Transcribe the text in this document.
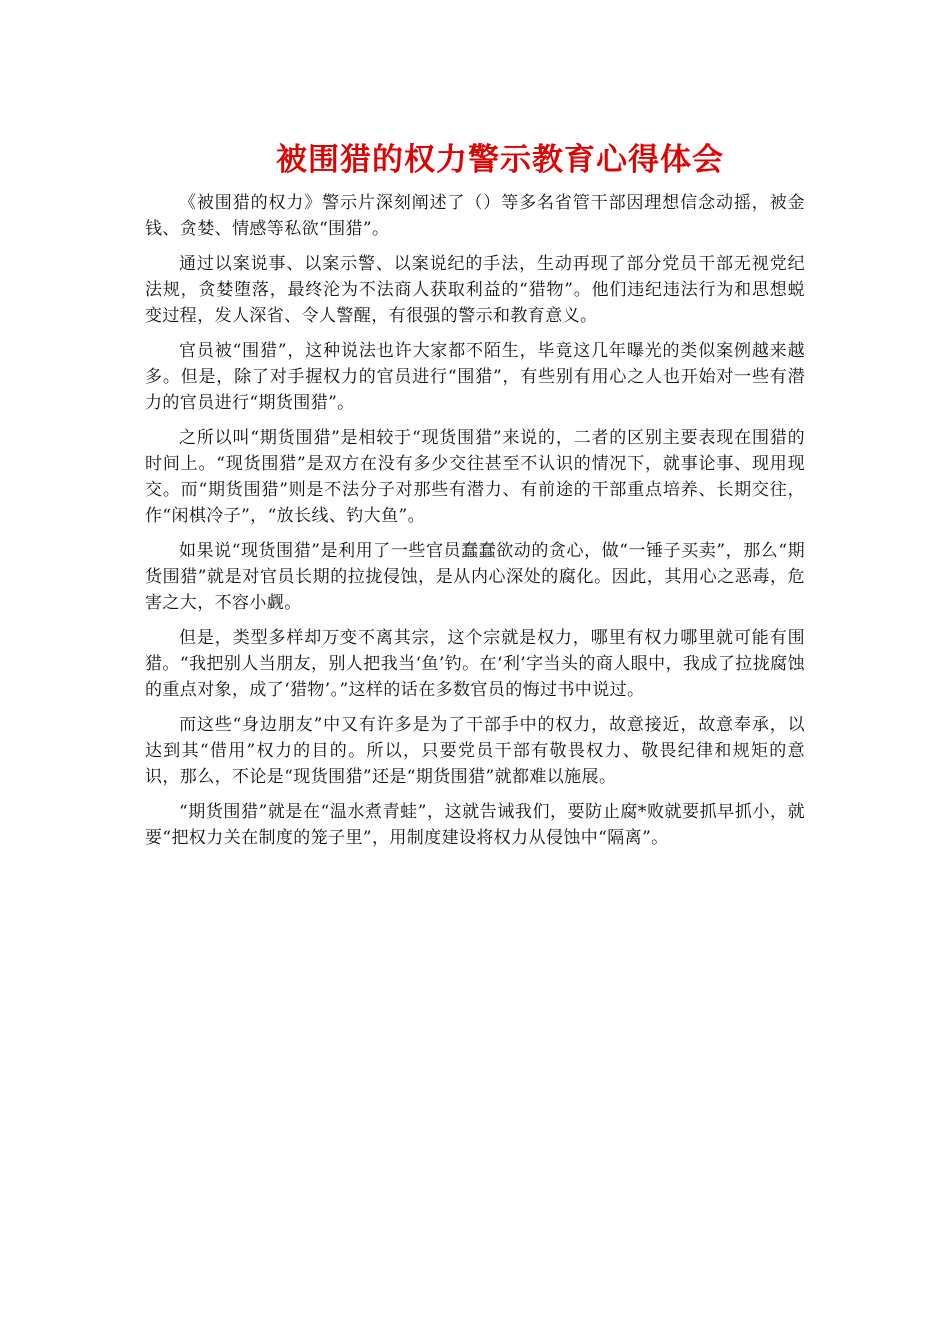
被围猎的权力警示教育心得体会

《被围猎的权力》警示片深刻阐述了（）等多名省管干部因理想信念动摇，被金钱、贪婪、情感等私欲“围猎”。

通过以案说事、以案示警、以案说纪的手法，生动再现了部分党员干部无视党纪法规，贪婪堕落，最终沦为不法商人获取利益的“猎物”。他们违纪违法行为和思想蜕变过程，发人深省、令人警醒，有很强的警示和教育意义。

官员被“围猎”，这种说法也许大家都不陌生，毕竟这几年曝光的类似案例越来越多。但是，除了对手握权力的官员进行“围猎”，有些别有用心之人也开始对一些有潜力的官员进行“期货围猎”。

之所以叫“期货围猎”是相较于“现货围猎”来说的，二者的区别主要表现在围猎的时间上。“现货围猎”是双方在没有多少交往甚至不认识的情况下，就事论事、现用现交。而“期货围猎”则是不法分子对那些有潜力、有前途的干部重点培养、长期交往，作“闲棋冷子”，“放长线、钓大鱼”。

如果说“现货围猎”是利用了一些官员蠢蠢欲动的贪心，做“一锤子买卖”，那么“期货围猎”就是对官员长期的拉拢侵蚀，是从内心深处的腐化。因此，其用心之恶毒，危害之大，不容小觑。

但是，类型多样却万变不离其宗，这个宗就是权力，哪里有权力哪里就可能有围猎。“我把别人当朋友，别人把我当‘鱼’钓。在‘利’字当头的商人眼中，我成了拉拢腐蚀的重点对象，成了‘猎物’。”这样的话在多数官员的悔过书中说过。

而这些“身边朋友”中又有许多是为了干部手中的权力，故意接近，故意奉承，以达到其“借用”权力的目的。所以，只要党员干部有敬畏权力、敬畏纪律和规矩的意识，那么，不论是“现货围猎”还是“期货围猎”就都难以施展。

“期货围猎”就是在“温水煮青蛙”，这就告诫我们，要防止腐*败就要抓早抓小，就要“把权力关在制度的笼子里”，用制度建设将权力从侵蚀中“隔离”。
